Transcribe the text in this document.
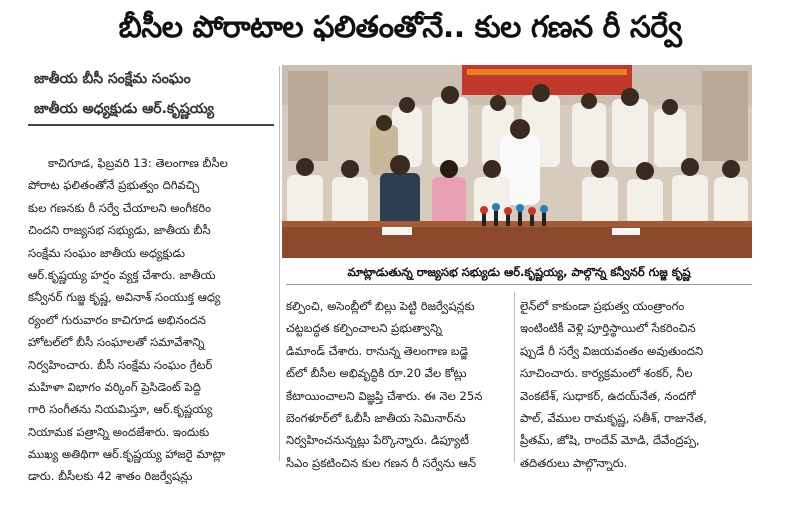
బీసీల పోరాటాల ఫలితంతోనే.. కుల గణన రీ సర్వే
జాతీయ బీసీ సంక్షేమ సంఘం
జాతీయ అధ్యక్షుడు ఆర్.కృష్ణయ్య
మాట్లాడుతున్న రాజ్యసభ సభ్యుడు ఆర్.కృష్ణయ్య, పాల్గొన్న కన్వీనర్ గుజ్జ కృష్ణ
కాచిగూడ, ఫిబ్రవరి 13: తెలంగాణ బీసీల
పోరాట ఫలితంతోనే ప్రభుత్వం దిగివచ్చి
కుల గణనకు రీ సర్వే చేయాలని అంగీకరిం
చిందని రాజ్యసభ సభ్యుడు, జాతీయ బీసీ
సంక్షేమ సంఘం జాతీయ అధ్యక్షుడు
ఆర్.కృష్ణయ్య హర్షం వ్యక్త చేశారు. జాతీయ
కన్వీనర్ గుజ్జ కృష్ణ, అవినాశ్ సంయుక్త ఆధ్య
ర్యంలో గురువారం కాచిగూడ అభినందన
హోటల్‌లో బీసీ సంఘాలతో సమావేశాన్ని
నిర్వహించారు. బీసీ సంక్షేమ సంఘం గ్రేటర్
మహిళా విభాగం వర్కింగ్ ప్రెసిడెంట్ పెద్ది
గారి సంగీతను నియమిస్తూ, ఆర్.కృష్ణయ్య
నియామక పత్రాన్ని అందజేశారు. ఇందుకు
ముఖ్య అతిథిగా ఆర్.కృష్ణయ్య హాజరై మాట్లా
డారు. బీసీలకు 42 శాతం రిజర్వేషన్లు
కల్పించి, అసెంబ్లీలో బిల్లు పెట్టి రిజర్వేషన్లకు
చట్టబద్ధత కల్పించాలని ప్రభుత్వాన్ని
డిమాండ్ చేశారు. రానున్న తెలంగాణ బడ్జె
ట్‌లో బీసీల అభివృద్ధికి రూ.20 వేల కోట్లు
కేటాయించాలని విజ్ఞప్తి చేశారు. ఈ నెల 25న
బెంగళూర్‌లో ఓబీసీ జాతీయ సెమినార్‌ను
నిర్వహించనున్నట్లు పేర్కొన్నారు. డిప్యూటీ
సీఎం ప్రకటించిన కుల గణన రీ సర్వేను ఆన్
లైన్‌లో కాకుండా ప్రభుత్వ యంత్రాంగం
ఇంటింటికీ వెళ్లి పూర్తిస్థాయిలో సేకరించిన
ప్పుడే రీ సర్వే విజయవంతం అవుతుందని
సూచించారు. కార్యక్రమంలో శంకర్, నీల
వెంకటేశ్, సుధాకర్, ఉదయ్‌నేత, నందగో
పాల్, వేముల రామకృష్ణ, సతీశ్, రాజునేత,
ప్రీతమ్, జోషి, రాందేవ్ మోడి, దేవేంద్రప్ప,
తదితరులు పాల్గొన్నారు.
